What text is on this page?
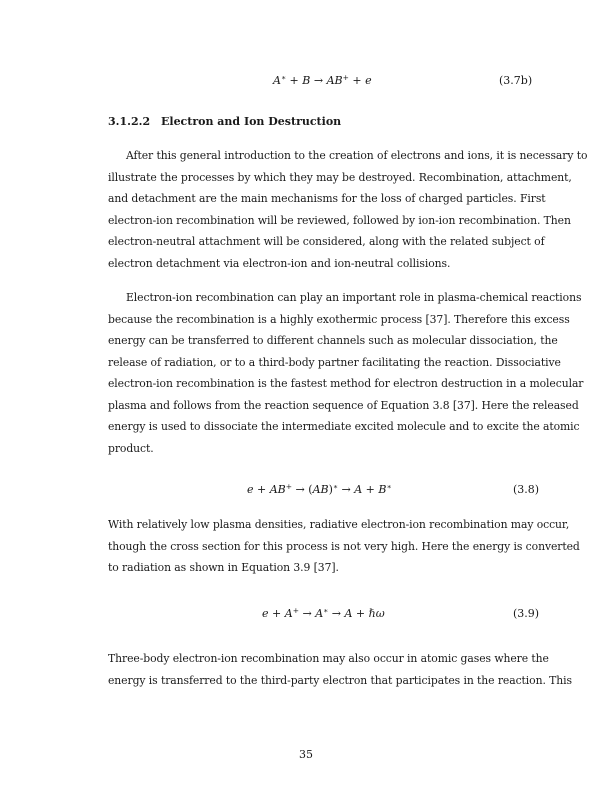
A∗ + B → AB+ + e	(3.7b)
3.1.2.2 Electron and Ion Destruction
After this general introduction to the creation of electrons and ions, it is necessary to
illustrate the processes by which they may be destroyed. Recombination, attachment,
and detachment are the main mechanisms for the loss of charged particles. First
electron-ion recombination will be reviewed, followed by ion-ion recombination. Then
electron-neutral attachment will be considered, along with the related subject of
electron detachment via electron-ion and ion-neutral collisions.
Electron-ion recombination can play an important role in plasma-chemical reactions
because the recombination is a highly exothermic process [37]. Therefore this excess
energy can be transferred to different channels such as molecular dissociation, the
release of radiation, or to a third-body partner facilitating the reaction. Dissociative
electron-ion recombination is the fastest method for electron destruction in a molecular
plasma and follows from the reaction sequence of Equation 3.8 [37]. Here the released
energy is used to dissociate the intermediate excited molecule and to excite the atomic
product.
e + AB+ → (AB)∗ → A + B∗	(3.8)
With relatively low plasma densities, radiative electron-ion recombination may occur,
though the cross section for this process is not very high. Here the energy is converted
to radiation as shown in Equation 3.9 [37].
e + A+ → A∗ → A + ℏω	(3.9)
Three-body electron-ion recombination may also occur in atomic gases where the
energy is transferred to the third-party electron that participates in the reaction. This
35
